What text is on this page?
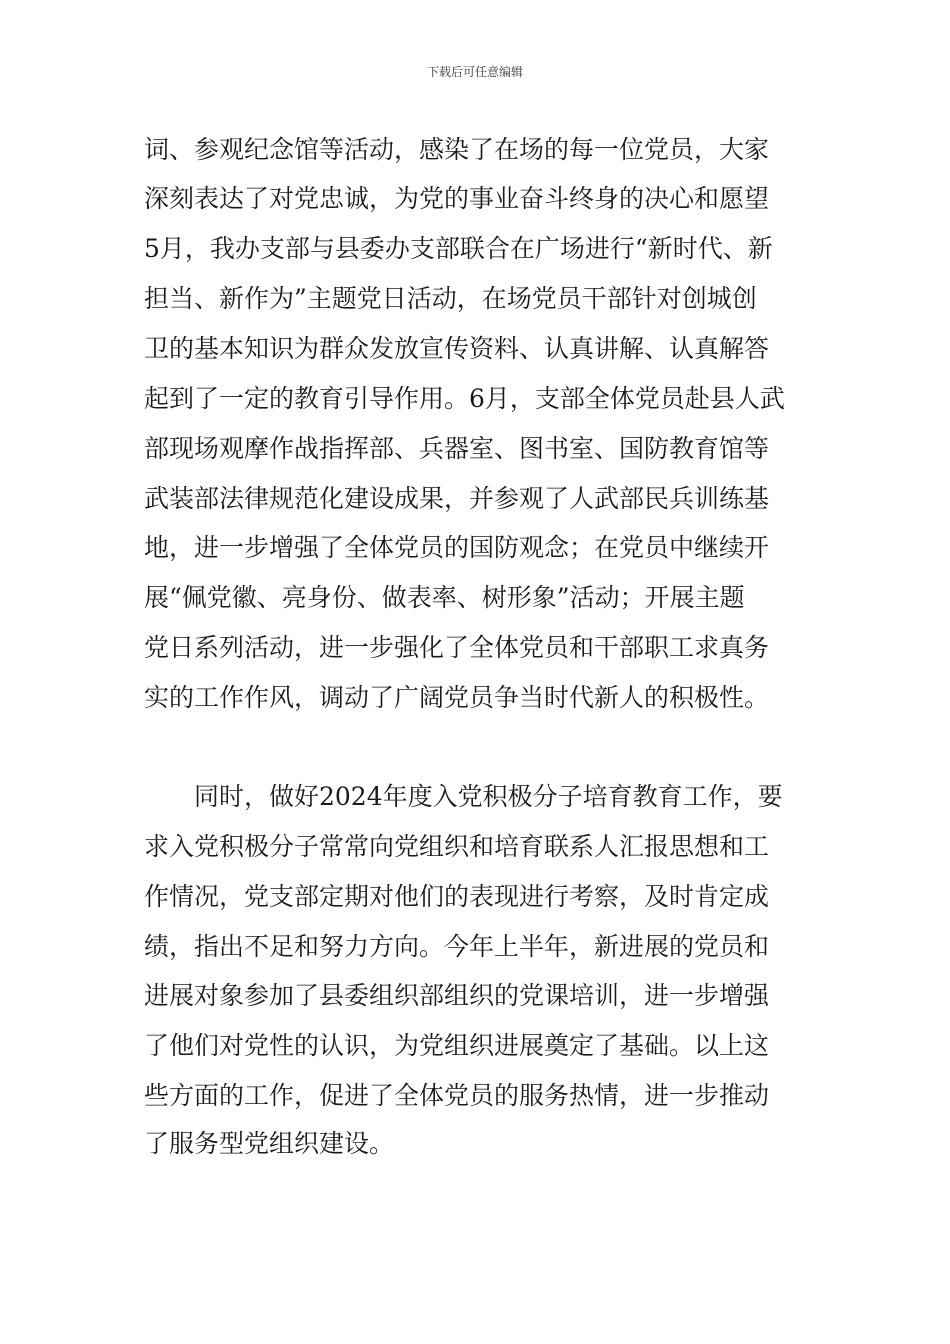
下载后可任意编辑
词、参观纪念馆等活动，感染了在场的每一位党员，大家
深刻表达了对党忠诚，为党的事业奋斗终身的决心和愿望
5月，我办支部与县委办支部联合在广场进行“新时代、新
担当、新作为”主题党日活动，在场党员干部针对创城创
卫的基本知识为群众发放宣传资料、认真讲解、认真解答
起到了一定的教育引导作用。6月，支部全体党员赴县人武
部现场观摩作战指挥部、兵器室、图书室、国防教育馆等
武装部法律规范化建设成果，并参观了人武部民兵训练基
地，进一步增强了全体党员的国防观念；在党员中继续开
展“佩党徽、亮身份、做表率、树形象”活动；开展主题
党日系列活动，进一步强化了全体党员和干部职工求真务
实的工作作风，调动了广阔党员争当时代新人的积极性。
同时，做好2024年度入党积极分子培育教育工作，要
求入党积极分子常常向党组织和培育联系人汇报思想和工
作情况，党支部定期对他们的表现进行考察，及时肯定成
绩，指出不足和努力方向。今年上半年，新进展的党员和
进展对象参加了县委组织部组织的党课培训，进一步增强
了他们对党性的认识，为党组织进展奠定了基础。以上这
些方面的工作，促进了全体党员的服务热情，进一步推动
了服务型党组织建设。
